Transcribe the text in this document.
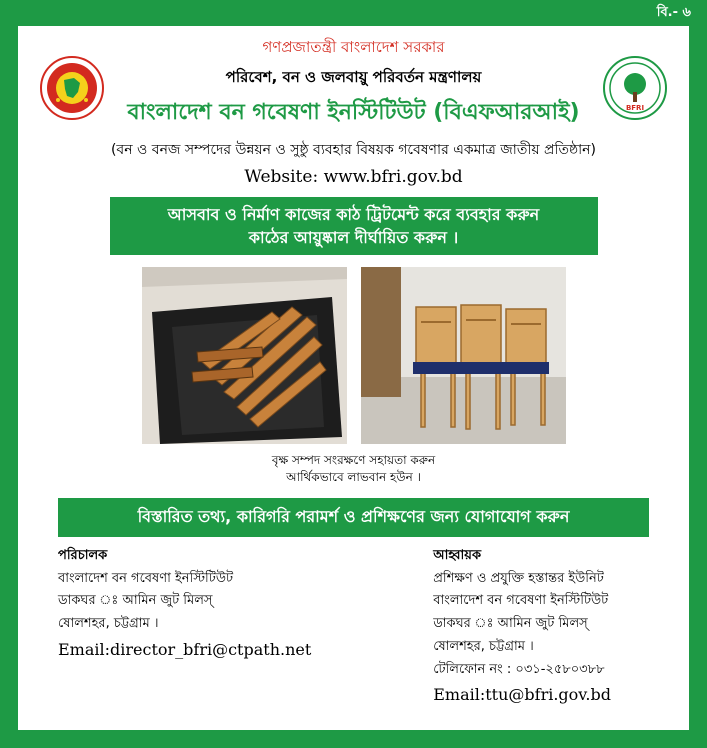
বি.- ৬
BFRI
গণপ্রজাতন্ত্রী বাংলাদেশ সরকার
পরিবেশ, বন ও জলবায়ু পরিবর্তন মন্ত্রণালয়
বাংলাদেশ বন গবেষণা ইনস্টিটিউট (বিএফআরআই)
(বন ও বনজ সম্পদের উন্নয়ন ও সুষ্ঠু ব্যবহার বিষয়ক গবেষণার একমাত্র জাতীয় প্রতিষ্ঠান)
Website: www.bfri.gov.bd
আসবাব ও নির্মাণ কাজের কাঠ ট্রিটমেন্ট করে ব্যবহার করুন
কাঠের আয়ুষ্কাল দীর্ঘায়িত করুন ।
বৃক্ষ সম্পদ সংরক্ষণে সহায়তা করুন
আর্থিকভাবে লাভবান হউন ।
বিস্তারিত তথ্য, কারিগরি পরামর্শ ও প্রশিক্ষণের জন্য যোগাযোগ করুন
পরিচালক
বাংলাদেশ বন গবেষণা ইনস্টিটিউট
ডাকঘর ঃ আমিন জুট মিলস্
ষোলশহর, চট্টগ্রাম ।
Email:director_bfri@ctpath.net
আহ্বায়ক
প্রশিক্ষণ ও প্রযুক্তি হস্তান্তর ইউনিট
বাংলাদেশ বন গবেষণা ইনস্টিটিউট
ডাকঘর ঃ আমিন জুট মিলস্
ষোলশহর, চট্টগ্রাম ।
টেলিফোন নং : ০৩১-২৫৮০৩৮৮
Email:ttu@bfri.gov.bd
